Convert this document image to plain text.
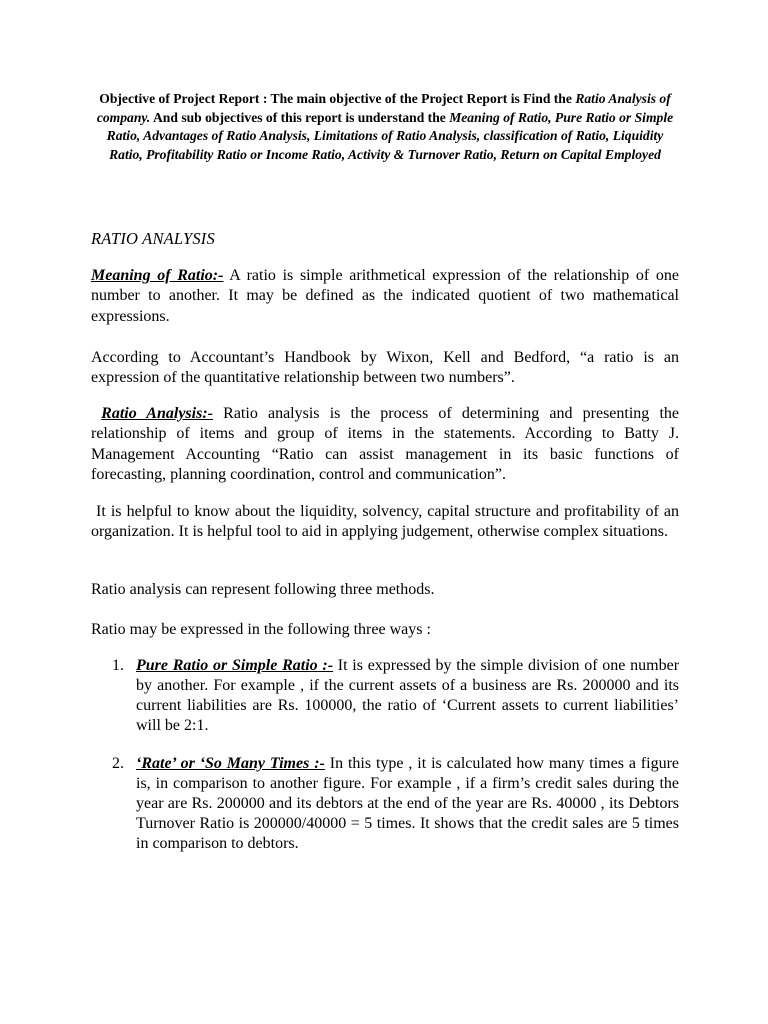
Objective of Project Report : The main objective of the Project Report is Find the Ratio Analysis of company. And sub objectives of this report is understand the Meaning of Ratio, Pure Ratio or Simple Ratio, Advantages of Ratio Analysis, Limitations of Ratio Analysis, classification of Ratio, Liquidity Ratio, Profitability Ratio or Income Ratio, Activity & Turnover Ratio, Return on Capital Employed
RATIO ANALYSIS
Meaning of Ratio:- A ratio is simple arithmetical expression of the relationship of one number to another. It may be defined as the indicated quotient of two mathematical expressions.
According to Accountant’s Handbook by Wixon, Kell and Bedford, “a ratio is an expression of the quantitative relationship between two numbers”.
Ratio Analysis:- Ratio analysis is the process of determining and presenting the relationship of items and group of items in the statements. According to Batty J. Management Accounting “Ratio can assist management in its basic functions of forecasting, planning coordination, control and communication”.
It is helpful to know about the liquidity, solvency, capital structure and profitability of an organization. It is helpful tool to aid in applying judgement, otherwise complex situations.
Ratio analysis can represent following three methods.
Ratio may be expressed in the following three ways :
1. Pure Ratio or Simple Ratio :- It is expressed by the simple division of one number by another. For example , if the current assets of a business are Rs. 200000 and its current liabilities are Rs. 100000, the ratio of ‘Current assets to current liabilities’ will be 2:1.
2. ‘Rate’ or ‘So Many Times :- In this type , it is calculated how many times a figure is, in comparison to another figure. For example , if a firm’s credit sales during the year are Rs. 200000 and its debtors at the end of the year are Rs. 40000 , its Debtors Turnover Ratio is 200000/40000 = 5 times. It shows that the credit sales are 5 times in comparison to debtors.
